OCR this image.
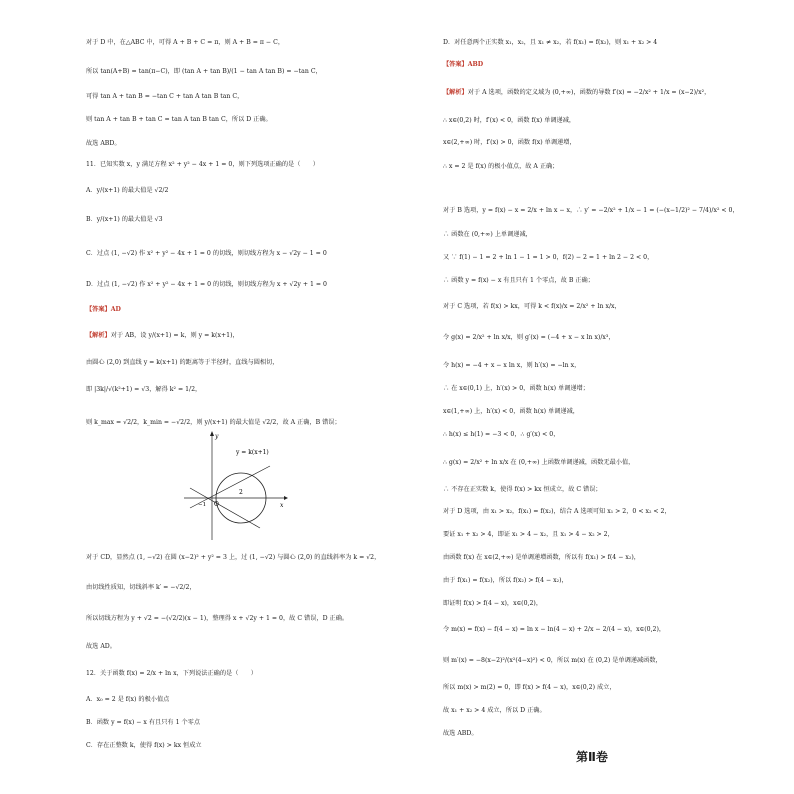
对于 D 中，在△ABC 中，可得 A + B + C = π，则 A + B = π − C，
所以 tan(A+B) = tan(π−C)，即 (tan A + tan B)/(1 − tan A tan B) = −tan C，
可得 tan A + tan B = −tan C + tan A tan B tan C，
则 tan A + tan B + tan C = tan A tan B tan C，所以 D 正确。
故选 ABD。
11．已知实数 x，y 满足方程 x² + y² − 4x + 1 = 0，则下列选项正确的是（　　）
A．y/(x+1) 的最大值是 √2/2
B．y/(x+1) 的最大值是 √3
C．过点 (1, −√2) 作 x² + y² − 4x + 1 = 0 的切线，则切线方程为 x − √2y − 1 = 0
D．过点 (1, −√2) 作 x² + y² − 4x + 1 = 0 的切线，则切线方程为 x + √2y + 1 = 0
【答案】AD
【解析】对于 AB，设 y/(x+1) = k，则 y = k(x+1)，
由圆心 (2,0) 到直线 y = k(x+1) 的距离等于半径时，直线与圆相切，
即 |3k|/√(k²+1) = √3，解得 k² = 1/2，
则 k_max = √2/2，k_min = −√2/2，则 y/(x+1) 的最大值是 √2/2，故 A 正确，B 错误；
对于 CD，显然点 (1, −√2) 在圆 (x−2)² + y² = 3 上，过 (1, −√2) 与圆心 (2,0) 的直线斜率为 k = √2，
由切线性质知，切线斜率 k′ = −√2/2，
所以切线方程为 y + √2 = −(√2/2)(x − 1)，整理得 x + √2y + 1 = 0，故 C 错误，D 正确。
故选 AD。
12．关于函数 f(x) = 2/x + ln x，下列说法正确的是（　　）
A．x₀ = 2 是 f(x) 的极小值点
B．函数 y = f(x) − x 有且只有 1 个零点
C．存在正整数 k，使得 f(x) > kx 恒成立
D．对任意两个正实数 x₁，x₂，且 x₁ ≠ x₂，若 f(x₁) = f(x₂)，则 x₁ + x₂ > 4
【答案】ABD
【解析】对于 A 选项，函数的定义域为 (0,+∞)，函数的导数 f′(x) = −2/x² + 1/x = (x−2)/x²，
∴ x∈(0,2) 时，f′(x) < 0，函数 f(x) 单调递减，
x∈(2,+∞) 时，f′(x) > 0，函数 f(x) 单调递增，
∴ x = 2 是 f(x) 的极小值点，故 A 正确；
对于 B 选项，y = f(x) − x = 2/x + ln x − x，∴ y′ = −2/x² + 1/x − 1 = (−(x−1/2)² − 7/4)/x² < 0，
∴ 函数在 (0,+∞) 上单调递减，
又 ∵ f(1) − 1 = 2 + ln 1 − 1 = 1 > 0，f(2) − 2 = 1 + ln 2 − 2 < 0，
∴ 函数 y = f(x) − x 有且只有 1 个零点，故 B 正确；
对于 C 选项，若 f(x) > kx，可得 k < f(x)/x = 2/x² + ln x/x，
令 g(x) = 2/x² + ln x/x，则 g′(x) = (−4 + x − x ln x)/x³，
令 h(x) = −4 + x − x ln x，则 h′(x) = −ln x，
∴ 在 x∈(0,1) 上，h′(x) > 0，函数 h(x) 单调递增；
x∈(1,+∞) 上，h′(x) < 0，函数 h(x) 单调递减，
∴ h(x) ≤ h(1) = −3 < 0，∴ g′(x) < 0，
∴ g(x) = 2/x² + ln x/x 在 (0,+∞) 上函数单调递减，函数无最小值，
∴ 不存在正实数 k，使得 f(x) > kx 恒成立，故 C 错误；
对于 D 选项，由 x₁ > x₂，f(x₁) = f(x₂)，结合 A 选项可知 x₁ > 2，0 < x₂ < 2，
要证 x₁ + x₂ > 4，即证 x₁ > 4 − x₂，且 x₁ > 4 − x₂ > 2，
由函数 f(x) 在 x∈(2,+∞) 是单调递增函数，所以有 f(x₁) > f(4 − x₂)，
由于 f(x₁) = f(x₂)，所以 f(x₂) > f(4 − x₂)，
即证明 f(x) > f(4 − x)，x∈(0,2)，
令 m(x) = f(x) − f(4 − x) = ln x − ln(4 − x) + 2/x − 2/(4 − x)，x∈(0,2)，
则 m′(x) = −8(x−2)²/(x²(4−x)²) < 0，所以 m(x) 在 (0,2) 是单调递减函数，
所以 m(x) > m(2) = 0，即 f(x) > f(4 − x)，x∈(0,2) 成立，
故 x₁ + x₂ > 4 成立，所以 D 正确。
故选 ABD。
y = k(x+1)
y
x
O
−1
2
第Ⅱ卷
